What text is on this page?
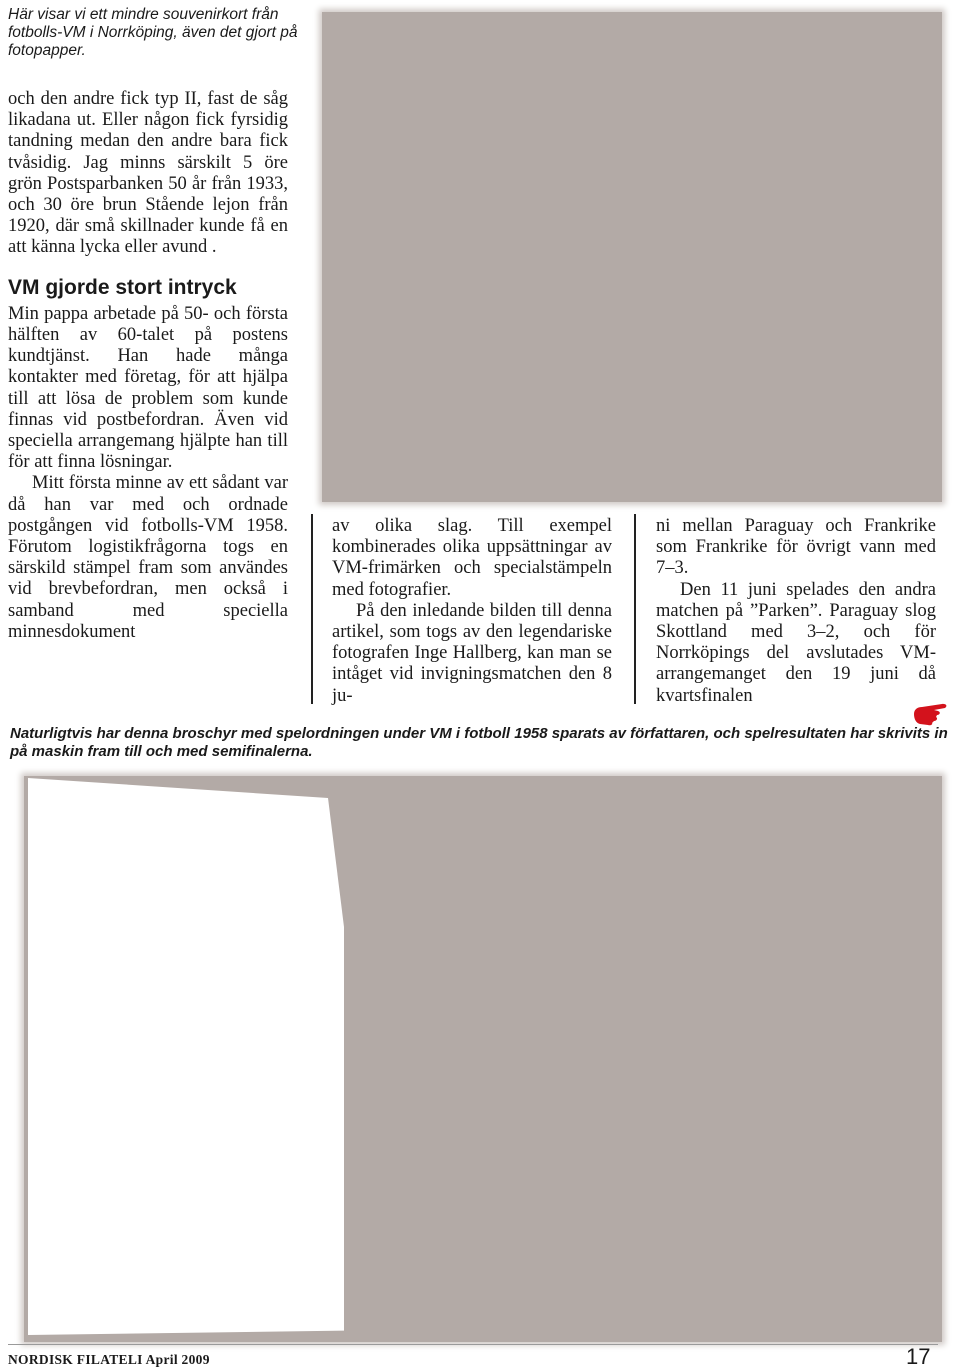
Här visar vi ett mindre souvenirkort från fotbolls-VM i Norrköping, även det gjort på fotopapper.

och den andre fick typ II, fast de såg likadana ut. Eller någon fick fyrsidig tandning medan den andre bara fick tvåsidig. Jag minns särskilt 5 öre grön Postsparbanken 50 år från 1933, och 30 öre brun Stående lejon från 1920, där små skillnader kunde få en att känna lycka eller avund .

VM gjorde stort intryck

Min pappa arbetade på 50- och första hälften av 60-talet på postens kundtjänst. Han hade många kontakter med företag, för att hjälpa till att lösa de problem som kunde finnas vid postbefordran. Även vid speciella arrangemang hjälpte han till för att finna lösningar.

Mitt första minne av ett sådant var då han var med och ordnade postgången vid fotbolls-VM 1958. Förutom logistikfrågorna togs en särskild stämpel fram som användes vid brevbefordran, men också i samband med speciella minnesdokument

av olika slag. Till exempel kombinerades olika uppsättningar av VM-frimärken och specialstämpeln med fotografier.

På den inledande bilden till denna artikel, som togs av den legendariske fotografen Inge Hallberg, kan man se intåget vid invigningsmatchen den 8 ju-

ni mellan Paraguay och Frankrike som Frankrike för övrigt vann med 7–3.

Den 11 juni spelades den andra matchen på ”Parken”. Paraguay slog Skottland med 3–2, och för Norrköpings del avslutades VM-arrangemanget den 19 juni då kvartsfinalen

Naturligtvis har denna broschyr med spelordningen under VM i fotboll 1958 sparats av författaren, och spelresultaten har skrivits in på maskin fram till och med semifinalerna.
NORDISK FILATELI April 2009	17
